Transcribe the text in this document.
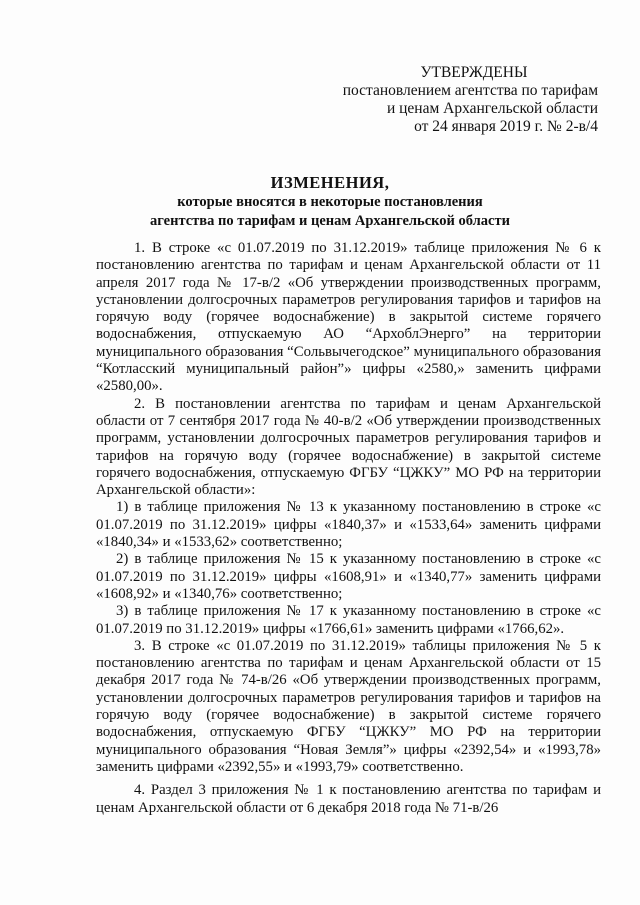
УТВЕРЖДЕНЫ
постановлением агентства по тарифам
и ценам Архангельской области
от 24 января 2019 г. № 2-в/4
ИЗМЕНЕНИЯ,
которые вносятся в некоторые постановления
агентства по тарифам и ценам Архангельской области

1. В строке «с 01.07.2019 по 31.12.2019» таблице приложения № 6 к постановлению агентства по тарифам и ценам Архангельской области от 11 апреля 2017 года № 17-в/2 «Об утверждении производственных программ, установлении долгосрочных параметров регулирования тарифов и тарифов на горячую воду (горячее водоснабжение) в закрытой системе горячего водоснабжения, отпускаемую АО “АрхоблЭнерго” на территории муниципального образования “Сольвычегодское” муниципального образования “Котласский муниципальный район”» цифры «2580,» заменить цифрами «2580,00».

2. В постановлении агентства по тарифам и ценам Архангельской области от 7 сентября 2017 года № 40-в/2 «Об утверждении производственных программ, установлении долгосрочных параметров регулирования тарифов и тарифов на горячую воду (горячее водоснабжение) в закрытой системе горячего водоснабжения, отпускаемую ФГБУ “ЦЖКУ” МО РФ на территории Архангельской области»:

1) в таблице приложения № 13 к указанному постановлению в строке «с 01.07.2019 по 31.12.2019» цифры «1840,37» и «1533,64» заменить цифрами «1840,34» и «1533,62» соответственно;

2) в таблице приложения № 15 к указанному постановлению в строке «с 01.07.2019 по 31.12.2019» цифры «1608,91» и «1340,77» заменить цифрами «1608,92» и «1340,76» соответственно;

3) в таблице приложения № 17 к указанному постановлению в строке «с 01.07.2019 по 31.12.2019» цифры «1766,61» заменить цифрами «1766,62».

3. В строке «с 01.07.2019 по 31.12.2019» таблицы приложения № 5 к постановлению агентства по тарифам и ценам Архангельской области от 15 декабря 2017 года № 74-в/26 «Об утверждении производственных программ, установлении долгосрочных параметров регулирования тарифов и тарифов на горячую воду (горячее водоснабжение) в закрытой системе горячего водоснабжения, отпускаемую ФГБУ “ЦЖКУ” МО РФ на территории муниципального образования “Новая Земля”» цифры «2392,54» и «1993,78» заменить цифрами «2392,55» и «1993,79» соответственно.

4. Раздел 3 приложения № 1 к постановлению агентства по тарифам и ценам Архангельской области от 6 декабря 2018 года № 71-в/26
